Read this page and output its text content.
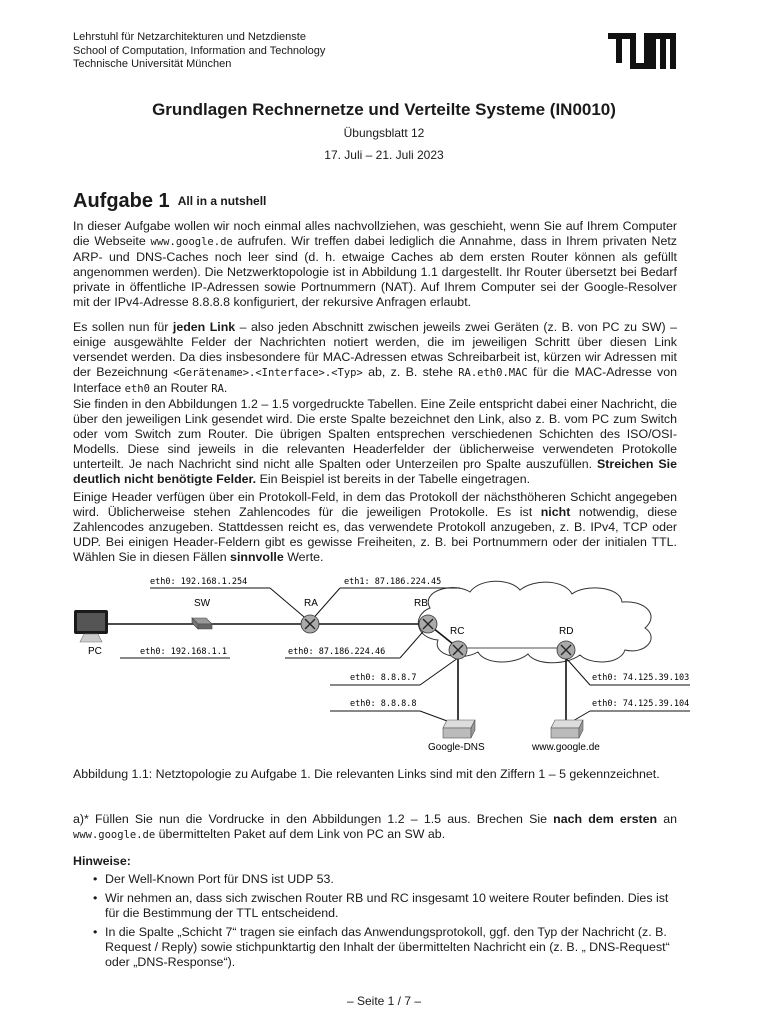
Lehrstuhl für Netzarchitekturen und Netzdienste
School of Computation, Information and Technology
Technische Universität München
Grundlagen Rechnernetze und Verteilte Systeme (IN0010)
Übungsblatt 12
17. Juli – 21. Juli 2023
Aufgabe 1 All in a nutshell
In dieser Aufgabe wollen wir noch einmal alles nachvollziehen, was geschieht, wenn Sie auf Ihrem Computer die Webseite www.google.de aufrufen. Wir treffen dabei lediglich die Annahme, dass in Ihrem privaten Netz ARP- und DNS-Caches noch leer sind (d. h. etwaige Caches ab dem ersten Router können als gefüllt angenommen werden). Die Netzwerktopologie ist in Abbildung 1.1 dargestellt. Ihr Router übersetzt bei Bedarf private in öffentliche IP-Adressen sowie Portnummern (NAT). Auf Ihrem Computer sei der Google-Resolver mit der IPv4-Adresse 8.8.8.8 konfiguriert, der rekursive Anfragen erlaubt.
Es sollen nun für jeden Link – also jeden Abschnitt zwischen jeweils zwei Geräten (z. B. von PC zu SW) – einige ausgewählte Felder der Nachrichten notiert werden, die im jeweiligen Schritt über diesen Link versendet werden. Da dies insbesondere für MAC-Adressen etwas Schreibarbeit ist, kürzen wir Adressen mit der Bezeichnung <Gerätename>.<Interface>.<Typ> ab, z. B. stehe RA.eth0.MAC für die MAC-Adresse von Interface eth0 an Router RA.
Sie finden in den Abbildungen 1.2 – 1.5 vorgedruckte Tabellen. Eine Zeile entspricht dabei einer Nachricht, die über den jeweiligen Link gesendet wird. Die erste Spalte bezeichnet den Link, also z. B. vom PC zum Switch oder vom Switch zum Router. Die übrigen Spalten entsprechen verschiedenen Schichten des ISO/OSI-Modells. Diese sind jeweils in die relevanten Headerfelder der üblicherweise verwendeten Protokolle unterteilt. Je nach Nachricht sind nicht alle Spalten oder Unterzeilen pro Spalte auszufüllen. Streichen Sie deutlich nicht benötigte Felder. Ein Beispiel ist bereits in der Tabelle eingetragen.
Einige Header verfügen über ein Protokoll-Feld, in dem das Protokoll der nächsthöheren Schicht angegeben wird. Üblicherweise stehen Zahlencodes für die jeweiligen Protokolle. Es ist nicht notwendig, diese Zahlencodes anzugeben. Stattdessen reicht es, das verwendete Protokoll anzugeben, z. B. IPv4, TCP oder UDP. Bei einigen Header-Feldern gibt es gewisse Freiheiten, z. B. bei Portnummern oder der initialen TTL. Wählen Sie in diesen Fällen sinnvolle Werte.
PC
SW	RA	RB
RC	RD
Google-DNS	www.google.de
eth0: 192.168.1.254	eth1: 87.186.224.45
eth0: 192.168.1.1	eth0: 87.186.224.46
eth0: 8.8.8.7
eth0: 8.8.8.8
eth0: 74.125.39.103
eth0: 74.125.39.104
Abbildung 1.1: Netztopologie zu Aufgabe 1. Die relevanten Links sind mit den Ziffern 1 – 5 gekennzeichnet.
a)* Füllen Sie nun die Vordrucke in den Abbildungen 1.2 – 1.5 aus. Brechen Sie nach dem ersten an www.google.de übermittelten Paket auf dem Link von PC an SW ab.
Hinweise:
• Der Well-Known Port für DNS ist UDP 53.
• Wir nehmen an, dass sich zwischen Router RB und RC insgesamt 10 weitere Router befinden. Dies ist für die Bestimmung der TTL entscheidend.
• In die Spalte „Schicht 7“ tragen sie einfach das Anwendungsprotokoll, ggf. den Typ der Nachricht (z. B. Request / Reply) sowie stichpunktartig den Inhalt der übermittelten Nachricht ein (z. B. „ DNS-Request“ oder „DNS-Response“).
– Seite 1 / 7 –
